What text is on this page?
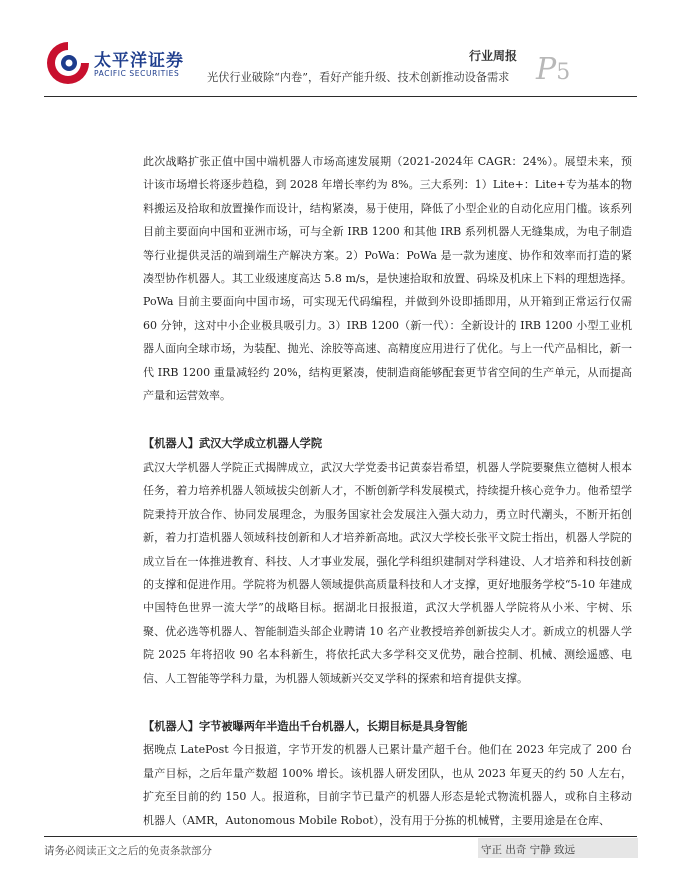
太平洋证券
PACIFIC SECURITIES
行业周报
光伏行业破除“内卷”，看好产能升级、技术创新推动设备需求 P5

此次战略扩张正值中国中端机器人市场高速发展期（2021-2024年 CAGR：24%）。展望未来，预计该市场增长将逐步趋稳，到 2028 年增长率约为 8%。三大系列：1）Lite+：Lite+专为基本的物料搬运及拾取和放置操作而设计，结构紧凑，易于使用，降低了小型企业的自动化应用门槛。该系列目前主要面向中国和亚洲市场，可与全新 IRB 1200 和其他 IRB 系列机器人无缝集成，为电子制造等行业提供灵活的端到端生产解决方案。2）PoWa：PoWa 是一款为速度、协作和效率而打造的紧凑型协作机器人。其工业级速度高达 5.8 m/s，是快速拾取和放置、码垛及机床上下料的理想选择。PoWa 目前主要面向中国市场，可实现无代码编程，并做到外设即插即用，从开箱到正常运行仅需 60 分钟，这对中小企业极具吸引力。3）IRB 1200（新一代）：全新设计的 IRB 1200 小型工业机器人面向全球市场，为装配、抛光、涂胶等高速、高精度应用进行了优化。与上一代产品相比，新一代 IRB 1200 重量减轻约 20%，结构更紧凑，使制造商能够配套更节省空间的生产单元，从而提高产量和运营效率。

【机器人】武汉大学成立机器人学院

武汉大学机器人学院正式揭牌成立，武汉大学党委书记黄泰岩希望，机器人学院要聚焦立德树人根本任务，着力培养机器人领域拔尖创新人才，不断创新学科发展模式，持续提升核心竞争力。他希望学院秉持开放合作、协同发展理念，为服务国家社会发展注入强大动力，勇立时代潮头，不断开拓创新，着力打造机器人领域科技创新和人才培养新高地。武汉大学校长张平文院士指出，机器人学院的成立旨在一体推进教育、科技、人才事业发展，强化学科组织建制对学科建设、人才培养和科技创新的支撑和促进作用。学院将为机器人领域提供高质量科技和人才支撑，更好地服务学校“5-10 年建成中国特色世界一流大学”的战略目标。据湖北日报报道，武汉大学机器人学院将从小米、宇树、乐聚、优必选等机器人、智能制造头部企业聘请 10 名产业教授培养创新拔尖人才。新成立的机器人学院 2025 年将招收 90 名本科新生，将依托武大多学科交叉优势，融合控制、机械、测绘遥感、电信、人工智能等学科力量，为机器人领域新兴交叉学科的探索和培育提供支撑。

【机器人】字节被曝两年半造出千台机器人，长期目标是具身智能

据晚点 LatePost 今日报道，字节开发的机器人已累计量产超千台。他们在 2023 年完成了 200 台量产目标，之后年量产数超 100% 增长。该机器人研发团队，也从 2023 年夏天的约 50 人左右，扩充至目前的约 150 人。报道称，目前字节已量产的机器人形态是轮式物流机器人，或称自主移动机器人（AMR，Autonomous Mobile Robot），没有用于分拣的机械臂，主要用途是在仓库、

请务必阅读正文之后的免责条款部分	守正 出奇 宁静 致远
